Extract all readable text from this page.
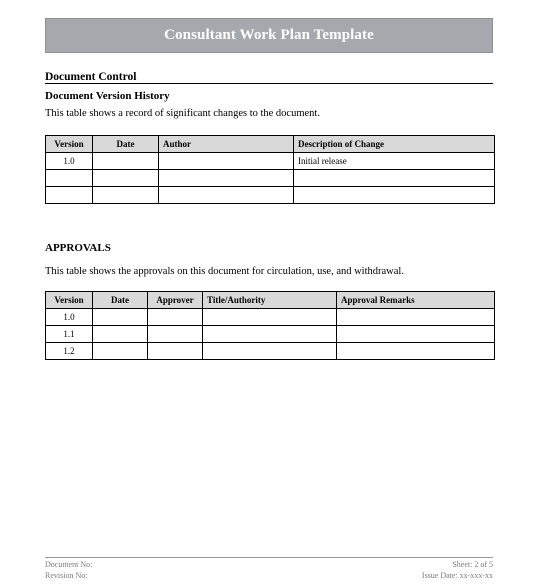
Consultant Work Plan Template
Document Control
Document Version History
This table shows a record of significant changes to the document.
Version	Date	Author	Description of Change
1.0			Initial release

APPROVALS
This table shows the approvals on this document for circulation, use, and withdrawal.
Version	Date	Approver	Title/Authority	Approval Remarks
1.0				
1.1				
1.2				
Document No:
Revision No:
Sheet: 2 of 5
Issue Date: xx-xxx-xx
